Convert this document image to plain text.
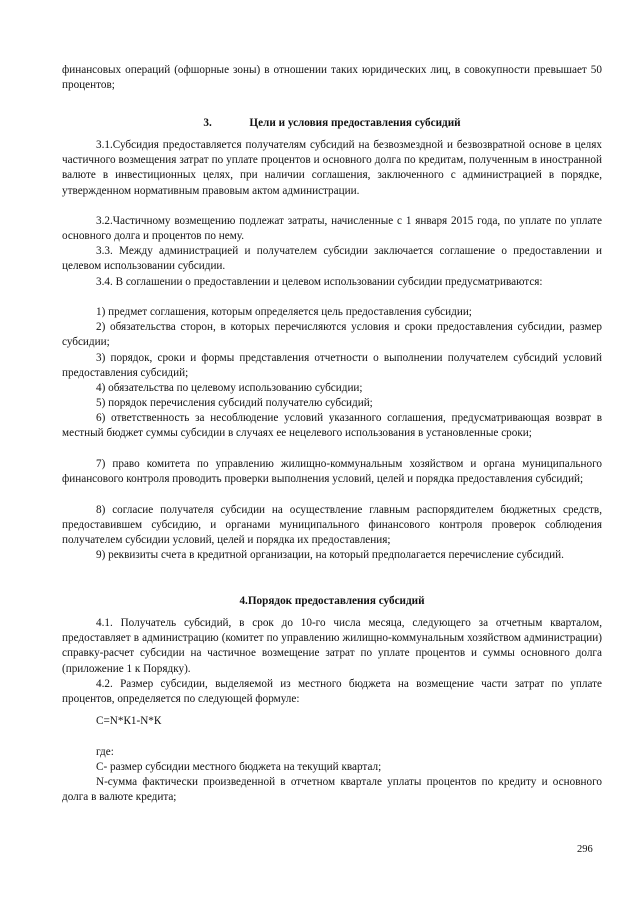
финансовых операций (офшорные зоны) в отношении таких юридических лиц, в совокупности превышает 50 процентов;

3.	Цели и условия предоставления субсидий

3.1.Субсидия предоставляется получателям субсидий на безвозмездной и безвозвратной основе в целях частичного возмещения затрат по уплате процентов и основного долга по кредитам, полученным в иностранной валюте в инвестиционных целях, при наличии соглашения, заключенного с администрацией в порядке, утвержденном нормативным правовым актом администрации.

3.2.Частичному возмещению подлежат затраты, начисленные с 1 января 2015 года, по уплате по уплате основного долга и процентов по нему.

3.3. Между администрацией и получателем субсидии заключается соглашение о предоставлении и целевом использовании субсидии.

3.4. В соглашении о предоставлении и целевом использовании субсидии предусматриваются:

1) предмет соглашения, которым определяется цель предоставления субсидии;

2) обязательства сторон, в которых перечисляются условия и сроки предоставления субсидии, размер субсидии;

3) порядок, сроки и формы представления отчетности о выполнении получателем субсидий условий предоставления субсидий;

4) обязательства по целевому использованию субсидии;

5) порядок перечисления субсидий получателю субсидий;

6) ответственность за несоблюдение условий указанного соглашения, предусматривающая возврат в местный бюджет суммы субсидии в случаях ее нецелевого использования в установленные сроки;

7) право комитета по управлению жилищно-коммунальным хозяйством и органа муниципального финансового контроля проводить проверки выполнения условий, целей и порядка предоставления субсидий;

8) согласие получателя субсидии на осуществление главным распорядителем бюджетных средств, предоставившем субсидию, и органами муниципального финансового контроля проверок соблюдения получателем субсидии условий, целей и порядка их предоставления;

9) реквизиты счета в кредитной организации, на который предполагается перечисление субсидий.

4.Порядок предоставления субсидий

4.1. Получатель субсидий, в срок до 10-го числа месяца, следующего за отчетным кварталом, предоставляет в администрацию (комитет по управлению жилищно-коммунальным хозяйством администрации) справку-расчет субсидии на частичное возмещение затрат по уплате процентов и суммы основного долга (приложение 1 к Порядку).

4.2. Размер субсидии, выделяемой из местного бюджета на возмещение части затрат по уплате процентов, определяется по следующей формуле:

С=N*К1-N*К

где:

С- размер субсидии местного бюджета на текущий квартал;

N-сумма фактически произведенной в отчетном квартале уплаты процентов по кредиту и основного долга в валюте кредита;

296
